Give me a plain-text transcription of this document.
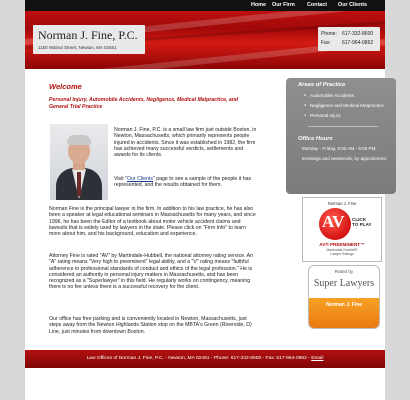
Home Our Firm Contact Our Clients
Norman J. Fine, P.C.
1150 Walnut Street, Newton, MA 02461
Phone: 617-332-8600
Fax: 617-964-0862
Welcome
Personal Injury, Automobile Accidents, Negligence, Medical Malpractice, and General Trial Practice
Norman J. Fine, P.C. is a small law firm just outside Boston, in Newton, Massachusetts, which primarily represents people injured in accidents. Since it was established in 1982, the firm has achieved many successful verdicts, settlements and awards for its clients.
Visit "Our Clients" page to see a sample of the people it has represented, and the results obtained for them.
Norman Fine is the principal lawyer in the firm. In addition to his law practice, he has also been a speaker at legal educational seminars in Massachusetts for many years, and since 1996, he has been the Editor of a textbook about motor vehicle accident claims and lawsuits that is widely used by lawyers in the state. Please click on "Firm Info" to learn more about him, and his background, education and experience.
Attorney Fine is rated "AV" by Martindale-Hubbell, the national attorney rating service. An "A" rating means "Very high to preeminent" legal ability, and a "V" rating means "faithful adherence to professional standards of conduct and ethics of the legal profession." He is considered an authority in personal injury matters in Massachusetts, and has been recognized as a "Superlawyer" in this field. He regularly works on contingency, meaning there is no fee unless there is a successful recovery for the client.
Our office has free parking and is conveniently located in Newton, Massachusetts, just steps away from the Newton Highlands Station stop on the MBTA's Green (Riverside, D) Line, just minutes from downtown Boston.
Areas of Practice
● Automobile Accidents
● Negligence and Medical Malpractice
● Personal Injury
Office Hours
Monday - Friday, 9:00 AM - 5:00 PM.
Evenings and weekends, by appointment.
Norman J. Fine
AV CLICK
TO PLAY
AV® PREEMINENT™
Martindale-Hubbell®
Lawyer Ratings
Rated by
Super Lawyers
Norman J. Fine
Law Offices of Norman J. Fine, P.C. - Newton, MA 02461 - Phone: 617-332-8600 - Fax: 617-964-0862 - Email
